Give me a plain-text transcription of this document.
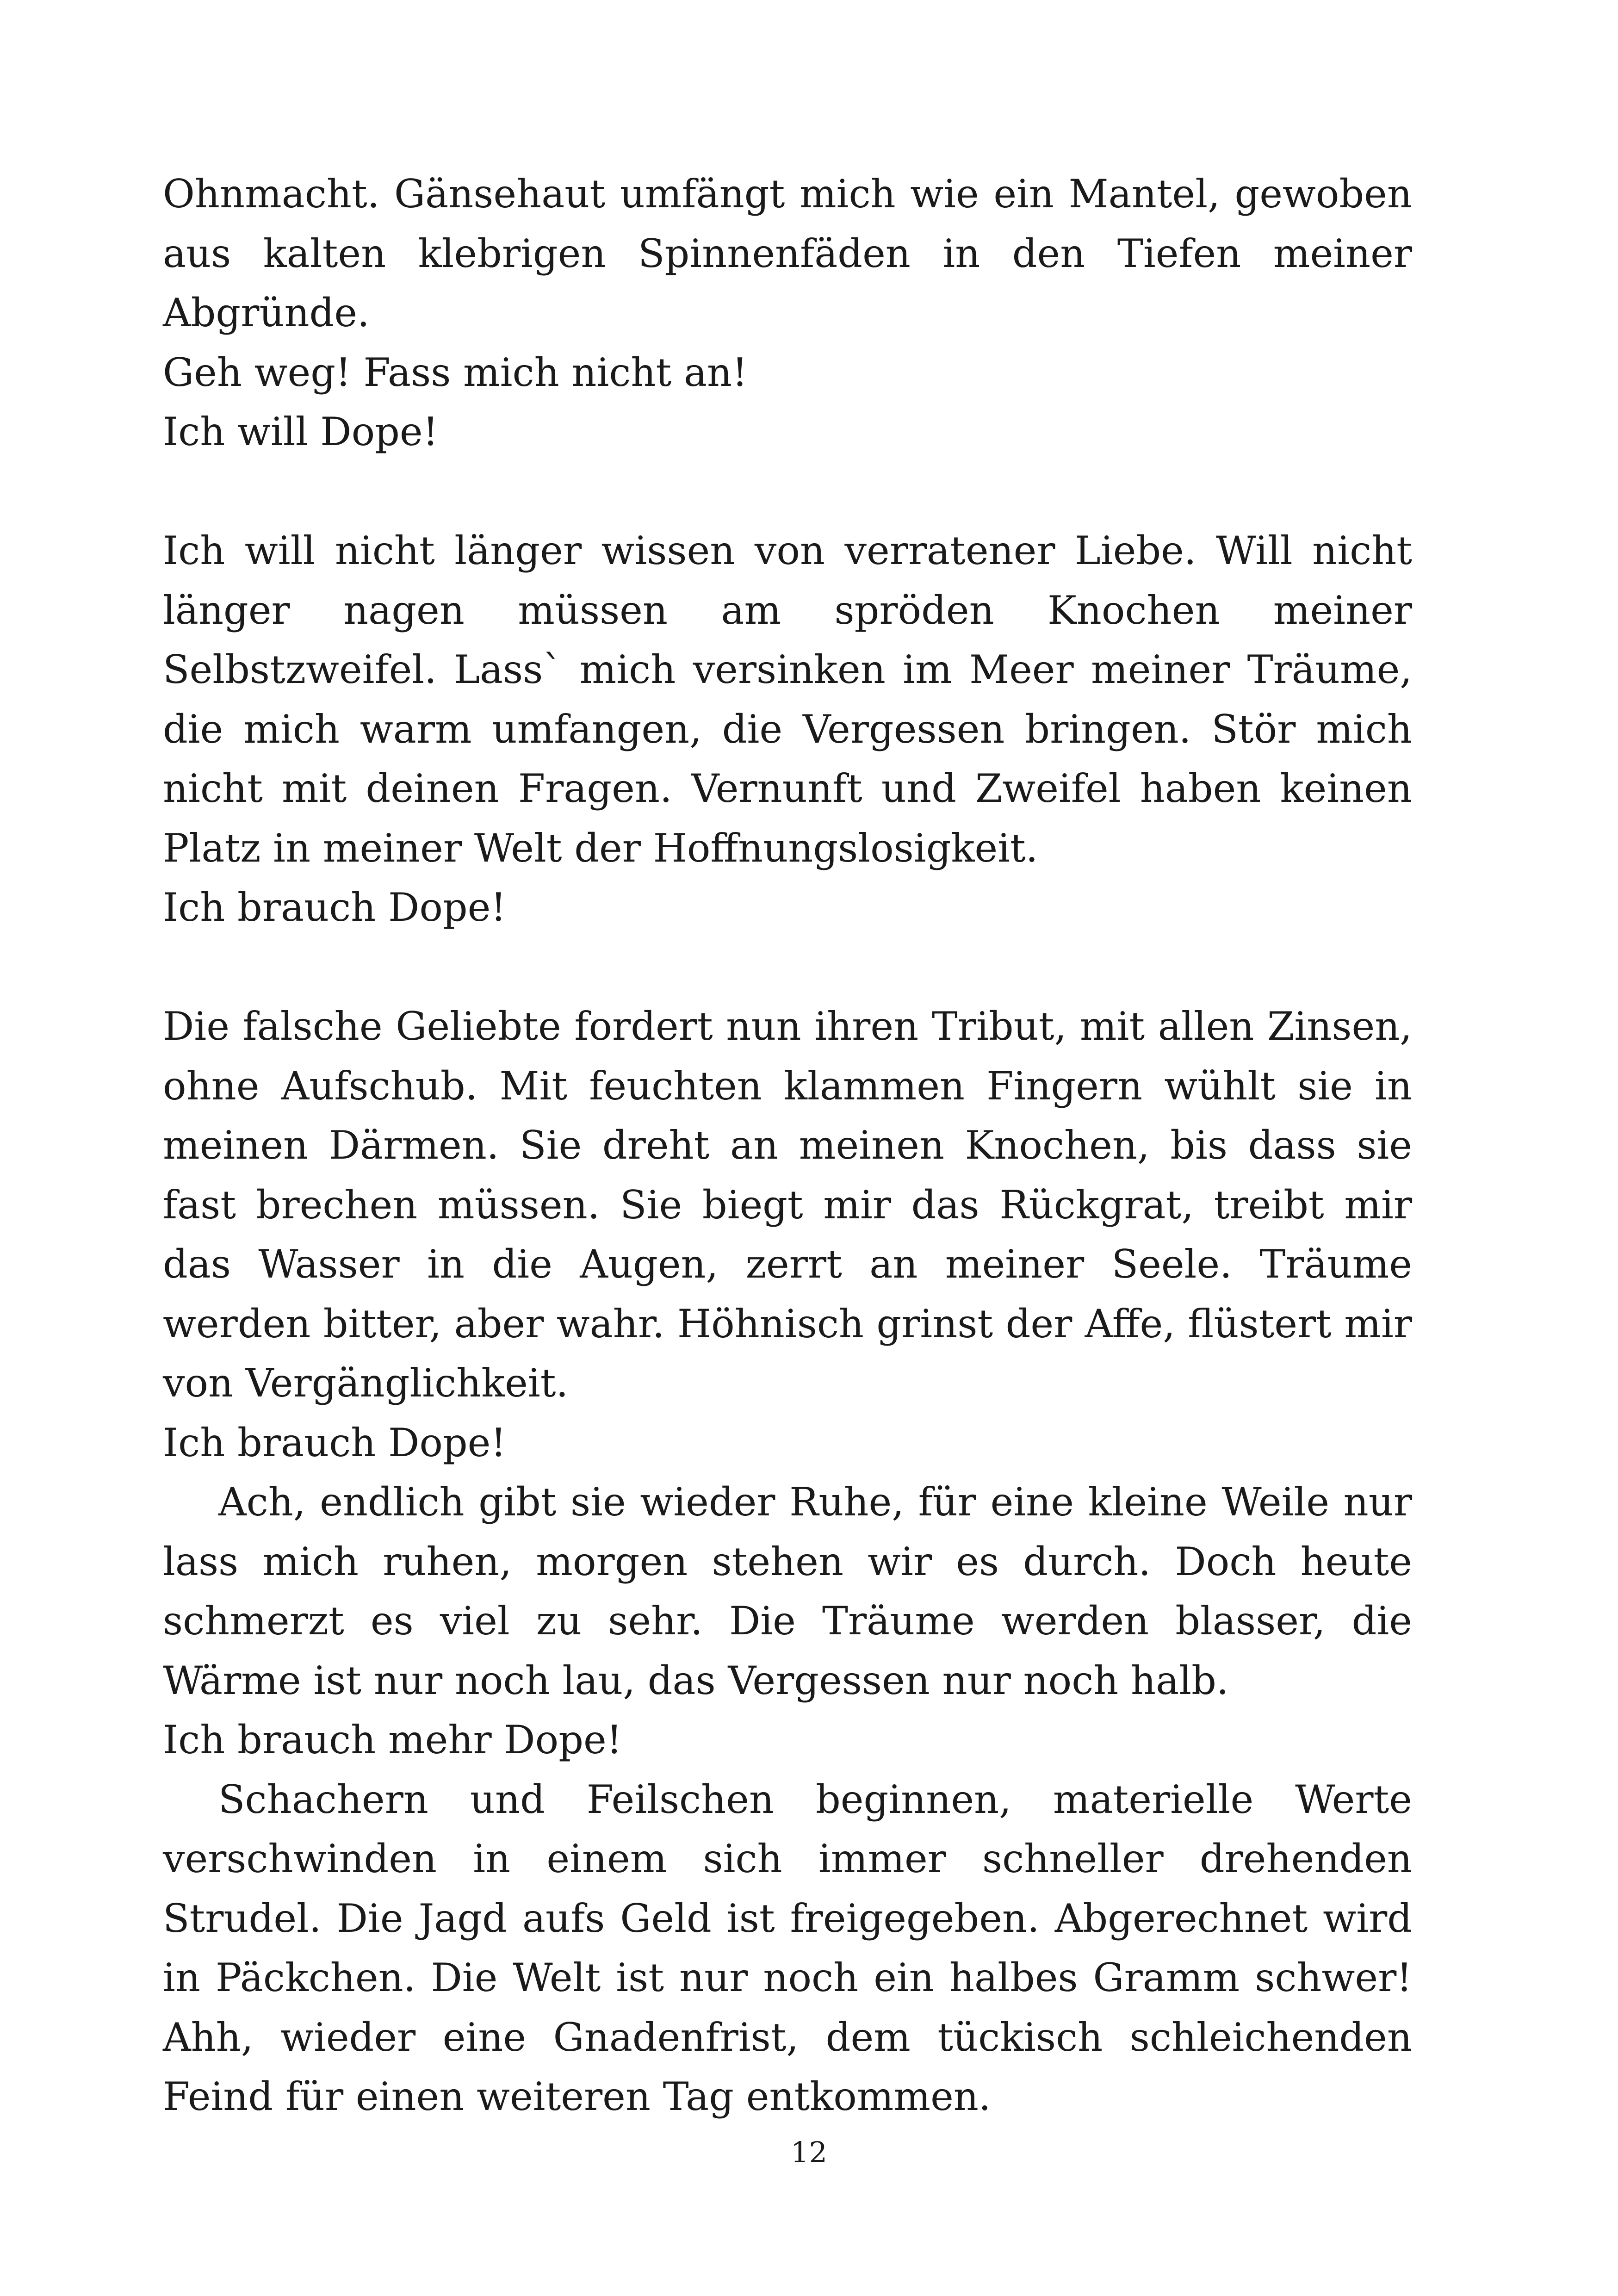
Ohnmacht. Gänsehaut umfängt mich wie ein Mantel, gewoben aus kalten klebrigen Spinnenfäden in den Tiefen meiner Abgründe.

Geh weg! Fass mich nicht an!

Ich will Dope!

Ich will nicht länger wissen von verratener Liebe. Will nicht länger nagen müssen am spröden Knochen meiner Selbstzweifel. Lass` mich versinken im Meer meiner Träume, die mich warm umfangen, die Vergessen bringen. Stör mich nicht mit deinen Fragen. Vernunft und Zweifel haben keinen Platz in meiner Welt der Hoffnungslosigkeit.

Ich brauch Dope!

Die falsche Geliebte fordert nun ihren Tribut, mit allen Zinsen, ohne Aufschub. Mit feuchten klammen Fingern wühlt sie in meinen Därmen. Sie dreht an meinen Knochen, bis dass sie fast brechen müssen. Sie biegt mir das Rückgrat, treibt mir das Wasser in die Augen, zerrt an meiner Seele. Träume werden bitter, aber wahr. Höhnisch grinst der Affe, flüstert mir von Vergänglichkeit.

Ich brauch Dope!

Ach, endlich gibt sie wieder Ruhe, für eine kleine Weile nur lass mich ruhen, morgen stehen wir es durch. Doch heute schmerzt es viel zu sehr. Die Träume werden blasser, die Wärme ist nur noch lau, das Vergessen nur noch halb.

Ich brauch mehr Dope!

Schachern und Feilschen beginnen, materielle Werte verschwinden in einem sich immer schneller drehenden Strudel. Die Jagd aufs Geld ist freigegeben. Abgerechnet wird in Päckchen. Die Welt ist nur noch ein halbes Gramm schwer! Ahh, wieder eine Gnadenfrist, dem tückisch schleichenden Feind für einen weiteren Tag entkommen.

12
